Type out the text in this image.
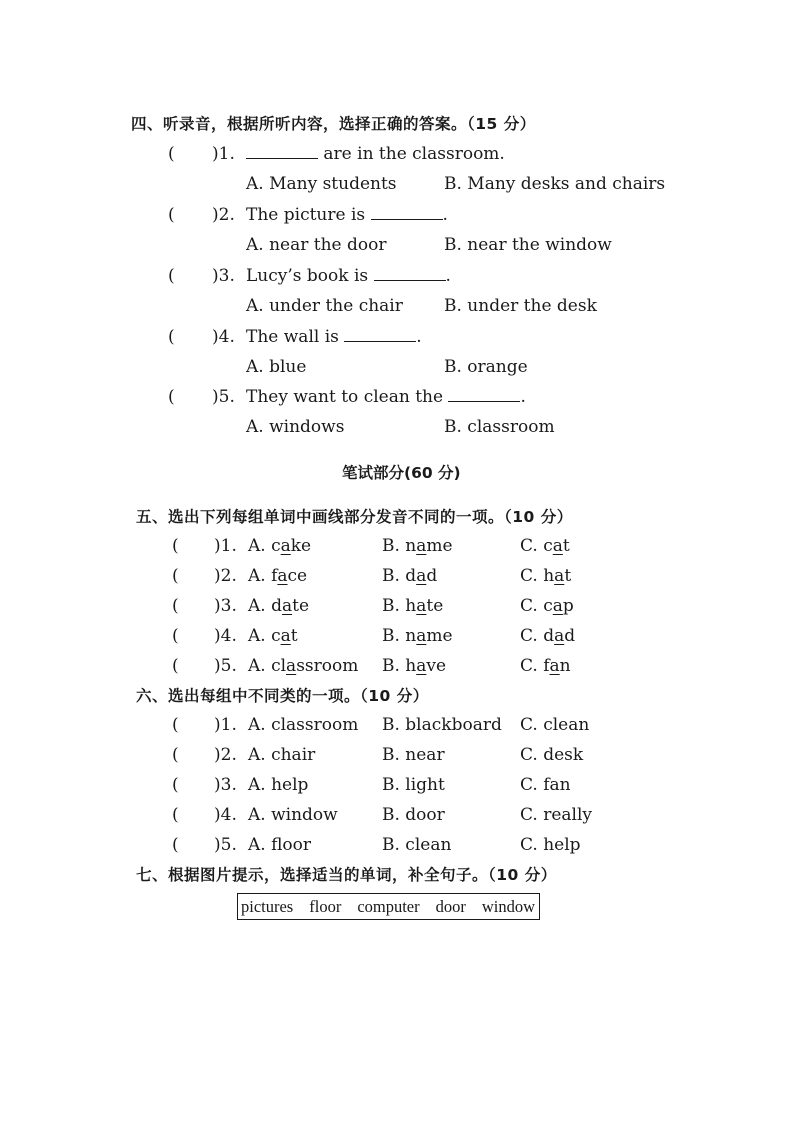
四、听录音，根据所听内容，选择正确的答案。（15 分）
( )1.	are in the classroom.
A. Many students	B. Many desks and chairs
( )2. The picture is	.
A. near the door	B. near the window
( )3. Lucy’s book is	.
A. under the chair B. under the desk
( )4. The wall is	.
A. blue	B. orange
( )5. They want to clean the	.
A. windows	B. classroom
笔试部分(60 分)
五、选出下列每组单词中画线部分发音不同的一项。（10 分）
( )1. A. cake	B. name	C. cat
( )2. A. face	B. dad	C. hat
( )3. A. date	B. hate	C. cap
( )4. A. cat	B. name	C. dad
( )5. A. classroom B. have	C. fan
六、选出每组中不同类的一项。（10 分）
( )1. A. classroom B. blackboard C. clean
( )2. A. chair	B. near	C. desk
( )3. A. help	B. light	C. fan
( )4. A. window	B. door	C. really
( )5. A. floor	B. clean	C. help
七、根据图片提示，选择适当的单词，补全句子。（10 分）
pictures floor computer door window
